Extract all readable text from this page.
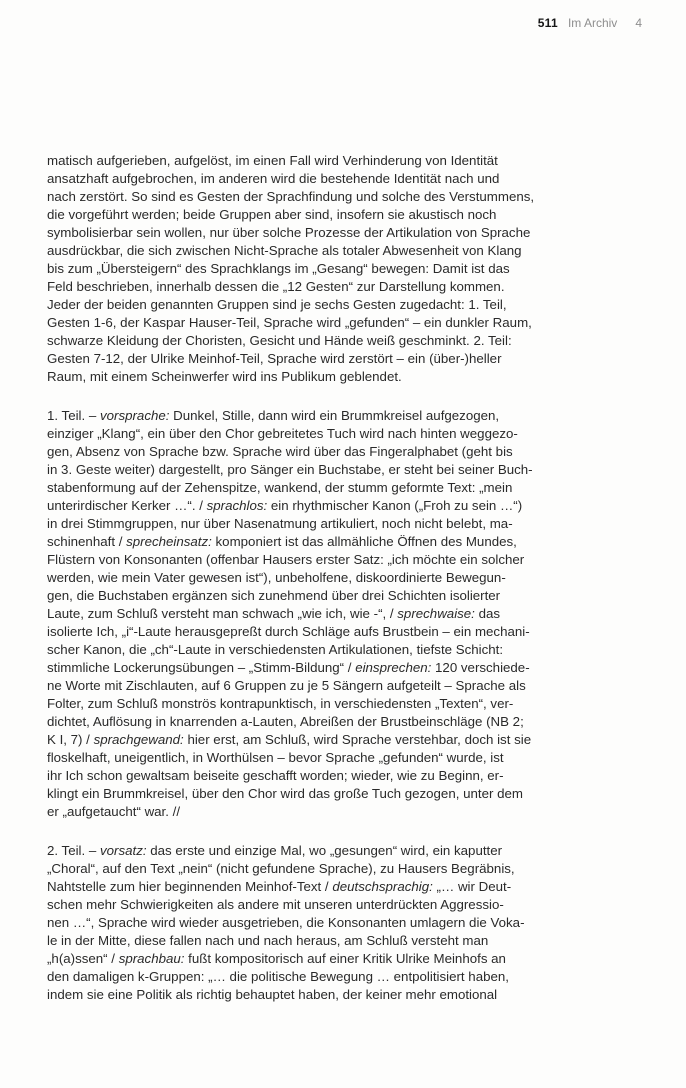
511 Im Archiv 4

matisch aufgerieben, aufgelöst, im einen Fall wird Verhinderung von Identität
ansatzhaft aufgebrochen, im anderen wird die bestehende Identität nach und
nach zerstört. So sind es Gesten der Sprachfindung und solche des Verstummens,
die vorgeführt werden; beide Gruppen aber sind, insofern sie akustisch noch
symbolisierbar sein wollen, nur über solche Prozesse der Artikulation von Sprache
ausdrückbar, die sich zwischen Nicht-Sprache als totaler Abwesenheit von Klang
bis zum „Übersteigern“ des Sprachklangs im „Gesang“ bewegen: Damit ist das
Feld beschrieben, innerhalb dessen die „12 Gesten“ zur Darstellung kommen.
Jeder der beiden genannten Gruppen sind je sechs Gesten zugedacht: 1. Teil,
Gesten 1-6, der Kaspar Hauser-Teil, Sprache wird „gefunden“ – ein dunkler Raum,
schwarze Kleidung der Choristen, Gesicht und Hände weiß geschminkt. 2. Teil:
Gesten 7-12, der Ulrike Meinhof-Teil, Sprache wird zerstört – ein (über-)heller
Raum, mit einem Scheinwerfer wird ins Publikum geblendet.

1. Teil. – vorsprache: Dunkel, Stille, dann wird ein Brummkreisel aufgezogen,
einziger „Klang“, ein über den Chor gebreitetes Tuch wird nach hinten weggezo-
gen, Absenz von Sprache bzw. Sprache wird über das Fingeralphabet (geht bis
in 3. Geste weiter) dargestellt, pro Sänger ein Buchstabe, er steht bei seiner Buch-
stabenformung auf der Zehenspitze, wankend, der stumm geformte Text: „mein
unterirdischer Kerker …“. / sprachlos: ein rhythmischer Kanon („Froh zu sein …“)
in drei Stimmgruppen, nur über Nasenatmung artikuliert, noch nicht belebt, ma-
schinenhaft / sprecheinsatz: komponiert ist das allmähliche Öffnen des Mundes,
Flüstern von Konsonanten (offenbar Hausers erster Satz: „ich möchte ein solcher
werden, wie mein Vater gewesen ist“), unbeholfene, diskoordinierte Bewegun-
gen, die Buchstaben ergänzen sich zunehmend über drei Schichten isolierter
Laute, zum Schluß versteht man schwach „wie ich, wie -“, / sprechwaise: das
isolierte Ich, „i“-Laute herausgepreßt durch Schläge aufs Brustbein – ein mechani-
scher Kanon, die „ch“-Laute in verschiedensten Artikulationen, tiefste Schicht:
stimmliche Lockerungsübungen – „Stimm-Bildung“ / einsprechen: 120 verschiede-
ne Worte mit Zischlauten, auf 6 Gruppen zu je 5 Sängern aufgeteilt – Sprache als
Folter, zum Schluß monströs kontrapunktisch, in verschiedensten „Texten“, ver-
dichtet, Auflösung in knarrenden a-Lauten, Abreißen der Brustbeinschläge (NB 2;
K I, 7) / sprachgewand: hier erst, am Schluß, wird Sprache verstehbar, doch ist sie
floskelhaft, uneigentlich, in Worthülsen – bevor Sprache „gefunden“ wurde, ist
ihr Ich schon gewaltsam beiseite geschafft worden; wieder, wie zu Beginn, er-
klingt ein Brummkreisel, über den Chor wird das große Tuch gezogen, unter dem
er „aufgetaucht“ war. //

2. Teil. – vorsatz: das erste und einzige Mal, wo „gesungen“ wird, ein kaputter
„Choral“, auf den Text „nein“ (nicht gefundene Sprache), zu Hausers Begräbnis,
Nahtstelle zum hier beginnenden Meinhof-Text / deutschsprachig: „… wir Deut-
schen mehr Schwierigkeiten als andere mit unseren unterdrückten Aggressio-
nen …“, Sprache wird wieder ausgetrieben, die Konsonanten umlagern die Voka-
le in der Mitte, diese fallen nach und nach heraus, am Schluß versteht man
„h(a)ssen“ / sprachbau: fußt kompositorisch auf einer Kritik Ulrike Meinhofs an
den damaligen k-Gruppen: „… die politische Bewegung … entpolitisiert haben,
indem sie eine Politik als richtig behauptet haben, der keiner mehr emotional
